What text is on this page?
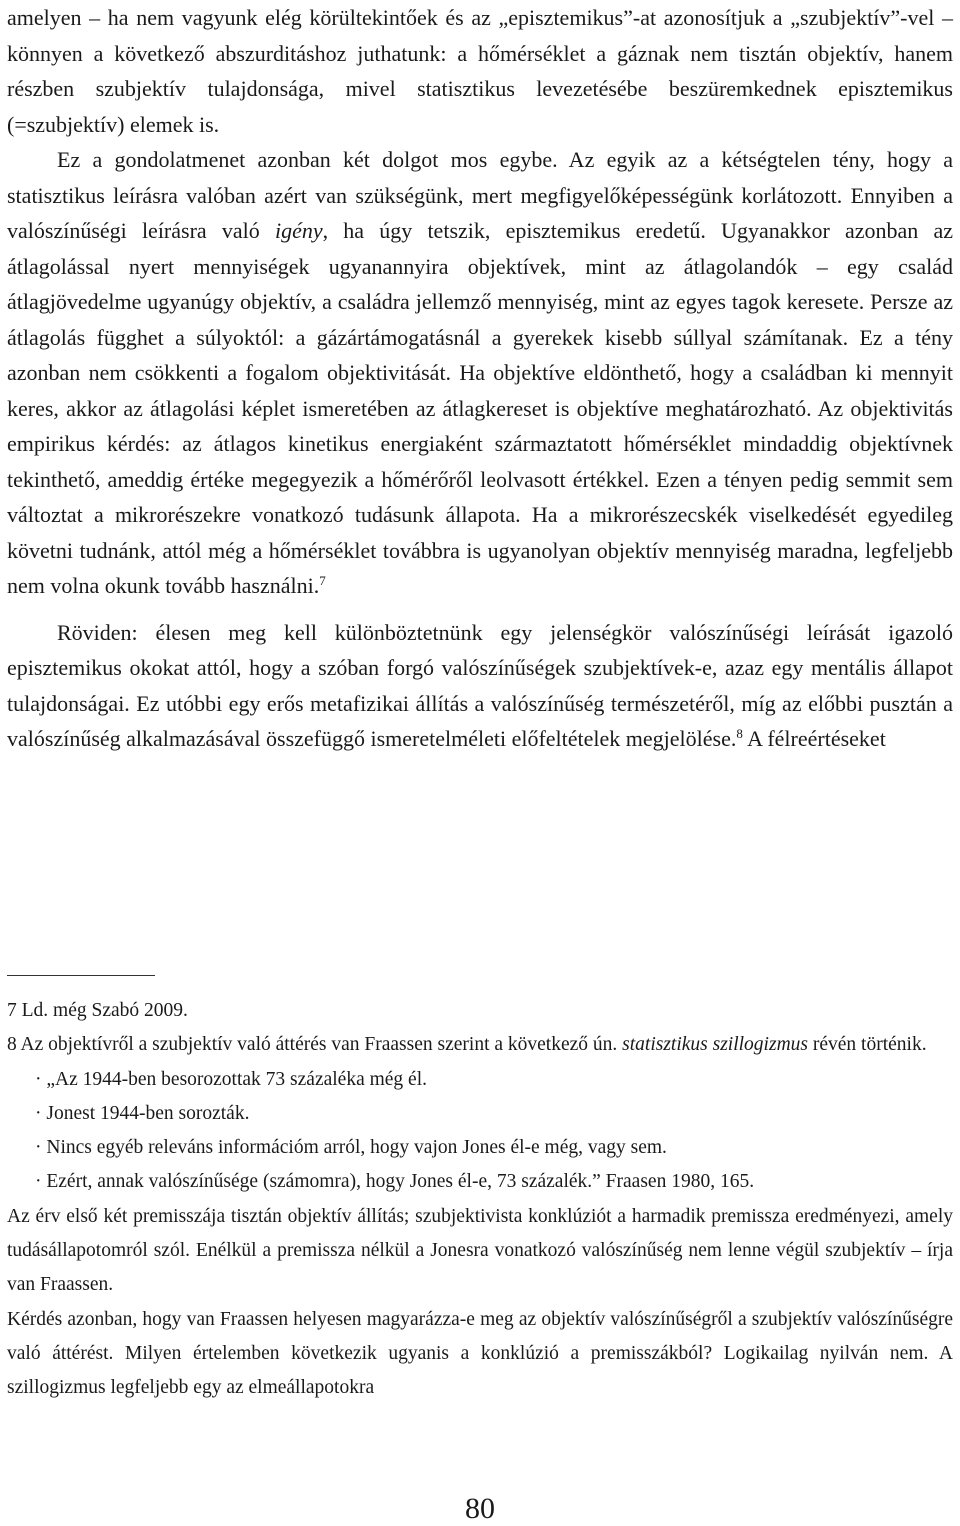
amelyen – ha nem vagyunk elég körültekintőek és az „episztemikus”-at azonosítjuk a „szubjektív”-vel – könnyen a következő abszurditáshoz juthatunk: a hőmérséklet a gáznak nem tisztán objektív, hanem részben szubjektív tulajdonsága, mivel statisztikus levezetésébe beszüremkednek episztemikus (=szubjektív) elemek is.

Ez a gondolatmenet azonban két dolgot mos egybe. Az egyik az a kétségtelen tény, hogy a statisztikus leírásra valóban azért van szükségünk, mert megfigyelőképességünk korlátozott. Ennyiben a valószínűségi leírásra való igény, ha úgy tetszik, episztemikus eredetű. Ugyanakkor azonban az átlagolással nyert mennyiségek ugyanannyira objektívek, mint az átlagolandók – egy család átlagjövedelme ugyanúgy objektív, a családra jellemző mennyiség, mint az egyes tagok keresete. Persze az átlagolás függhet a súlyoktól: a gázártámogatásnál a gyerekek kisebb súllyal számítanak. Ez a tény azonban nem csökkenti a fogalom objektivitását. Ha objektíve eldönthető, hogy a családban ki mennyit keres, akkor az átlagolási képlet ismeretében az átlagkereset is objektíve meghatározható. Az objektivitás empirikus kérdés: az átlagos kinetikus energiaként származtatott hőmérséklet mindaddig objektívnek tekinthető, ameddig értéke megegyezik a hőmérőről leolvasott értékkel. Ezen a tényen pedig semmit sem változtat a mikrorészekre vonatkozó tudásunk állapota. Ha a mikrorészecskék viselkedését egyedileg követni tudnánk, attól még a hőmérséklet továbbra is ugyanolyan objektív mennyiség maradna, legfeljebb nem volna okunk tovább használni.$^7$

Röviden: élesen meg kell különböztetnünk egy jelenségkör valószínűségi leírását igazoló episztemikus okokat attól, hogy a szóban forgó valószínűségek szubjektívek-e, azaz egy mentális állapot tulajdonságai. Ez utóbbi egy erős metafizikai állítás a valószínűség természetéről, míg az előbbi pusztán a valószínűség alkalmazásával összefüggő ismeretelméleti előfeltételek megjelölése.$^8$ A félreértéseket

7 Ld. még Szabó 2009.

8 Az objektívről a szubjektív való áttérés van Fraassen szerint a következő ún. statisztikus szillogizmus révén történik.

· „Az 1944-ben besorozottak 73 százaléka még él.

· Jonest 1944-ben sorozták.

· Nincs egyéb releváns információm arról, hogy vajon Jones él-e még, vagy sem.

· Ezért, annak valószínűsége (számomra), hogy Jones él-e, 73 százalék.” Fraasen 1980, 165.

Az érv első két premisszája tisztán objektív állítás; szubjektivista konklúziót a harmadik premissza eredményezi, amely tudásállapotomról szól. Enélkül a premissza nélkül a Jonesra vonatkozó valószínűség nem lenne végül szubjektív – írja van Fraassen.

Kérdés azonban, hogy van Fraassen helyesen magyarázza-e meg az objektív valószínűségről a szubjektív valószínűségre való áttérést. Milyen értelemben következik ugyanis a konklúzió a premisszákból? Logikailag nyilván nem. A szillogizmus legfeljebb egy az elmeállapotokra

80
